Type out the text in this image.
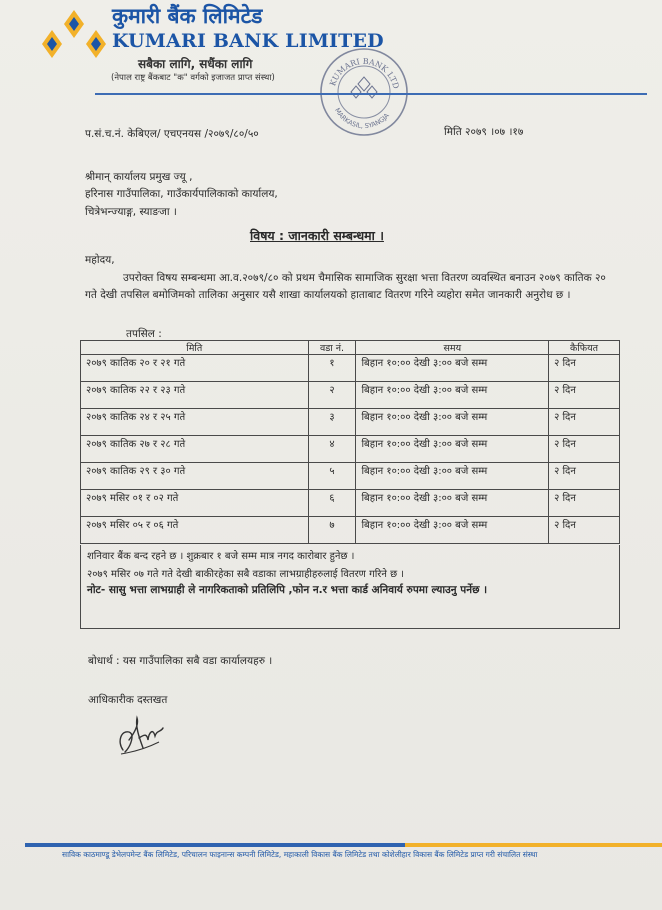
कुमारी बैंक लिमिटेड
KUMARI BANK LIMITED
सबैका लागि, सधैंका लागि
(नेपाल राष्ट्र बैंकबाट "क" वर्गको इजाजत प्राप्त संस्था)	KUMARI BANK LTD
MARKASIL, SYANGJA
प.सं.च.नं. केबिएल/ एचएनयस /२०७९/८०/५०	मिति २०७९ ।०७ ।१७
श्रीमान् कार्यालय प्रमुख ज्यू ,
हरिनास गाउँपालिका, गाउँकार्यपालिकाको कार्यालय,
चित्रेभन्ज्याङ्ग, स्याङजा ।
विषय : जानकारी सम्बन्धमा ।
महोदय,
उपरोक्त विषय सम्बन्धमा आ.व.२०७९/८० को प्रथम चैमासिक सामाजिक सुरक्षा भत्ता वितरण व्यवस्थित बनाउन २०७९ कातिक २० गते देखी तपसिल बमोजिमको तालिका अनुसार यसै शाखा कार्यालयको हाताबाट वितरण गरिने व्यहोरा समेत जानकारी अनुरोध छ ।
तपसिल :
मिति	वडा नं.	समय	कैफियत
२०७९ कातिक २० र २१ गते	१	बिहान १०:०० देखी ३:०० बजे सम्म	२ दिन
२०७९ कातिक २२ र २३ गते	२	बिहान १०:०० देखी ३:०० बजे सम्म	२ दिन
२०७९ कातिक २४ र २५ गते	३	बिहान १०:०० देखी ३:०० बजे सम्म	२ दिन
२०७९ कातिक २७ र २८ गते	४	बिहान १०:०० देखी ३:०० बजे सम्म	२ दिन
२०७९ कातिक २९ र ३० गते	५	बिहान १०:०० देखी ३:०० बजे सम्म	२ दिन
२०७९ मसिर ०१ र ०२ गते	६	बिहान १०:०० देखी ३:०० बजे सम्म	२ दिन
२०७९ मसिर ०५ र ०६ गते	७	बिहान १०:०० देखी ३:०० बजे सम्म	२ दिन
शनिवार बैंक बन्द रहने छ । शुक्रबार १ बजे सम्म मात्र नगद कारोबार हुनेछ ।
२०७९ मसिर ०७ गते गते देखी बाकीरहेका सबै वडाका लाभग्राहीहरुलाई वितरण गरिने छ ।
नोट- सासु भत्ता लाभग्राही ले नागरिकताको प्रतिलिपि ,फोन न.र भत्ता कार्ड अनिवार्य रुपमा ल्याउनु पर्नेछ ।
बोधार्थ : यस गाउँपालिका सबै वडा कार्यालयहरु ।
आधिकारीक दस्तखत
साविक काठमाण्डू डेभेलपमेन्ट बैंक लिमिटेड, परिचालन फाइनान्स कम्पनी लिमिटेड, महाकाली विकास बैंक लिमिटेड तथा कोशेलीहार विकास बैंक लिमिटेड प्राप्त गरी संचालित संस्था
